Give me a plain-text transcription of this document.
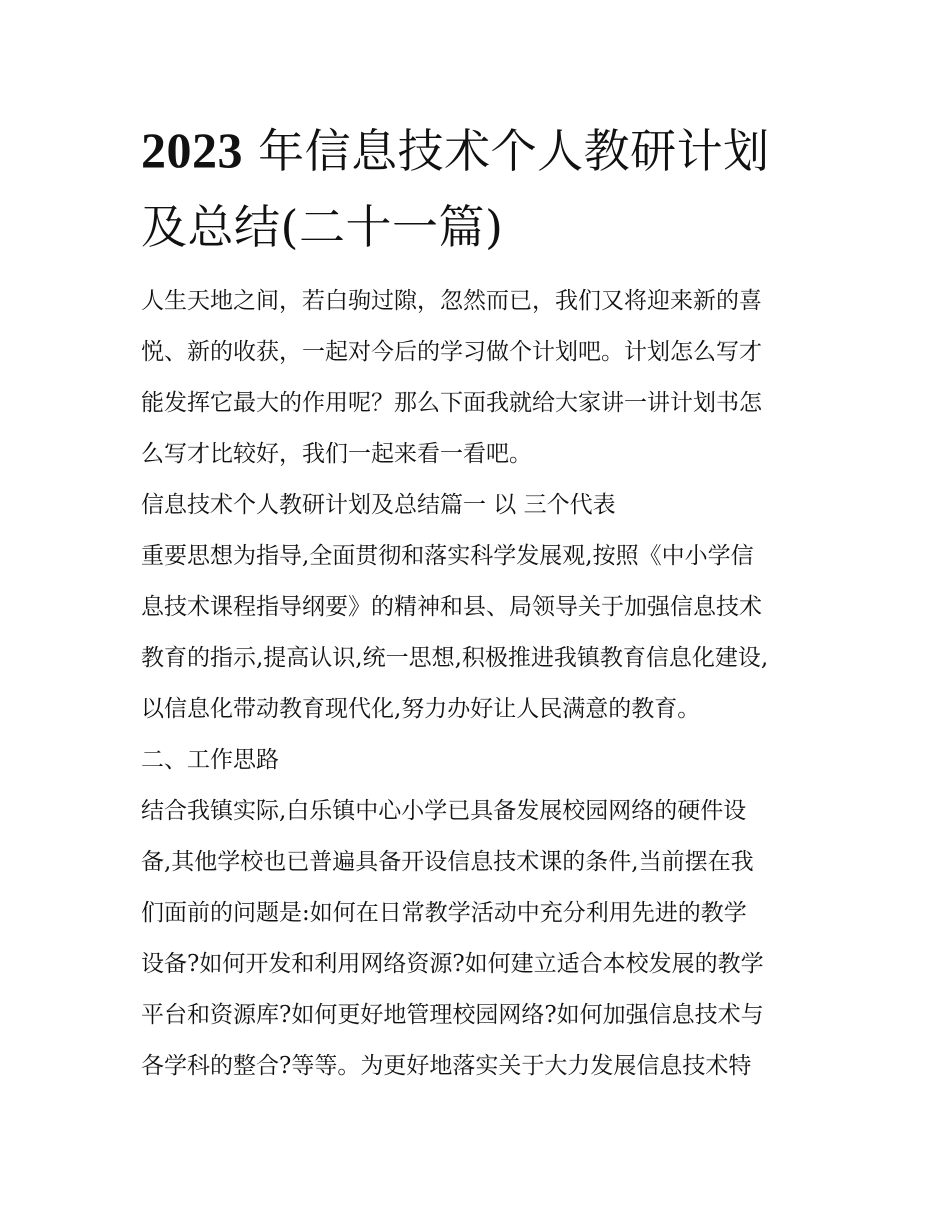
2023 年信息技术个人教研计划
及总结(二十一篇)
人生天地之间，若白驹过隙，忽然而已，我们又将迎来新的喜
悦、新的收获，一起对今后的学习做个计划吧。计划怎么写才
能发挥它最大的作用呢？那么下面我就给大家讲一讲计划书怎
么写才比较好，我们一起来看一看吧。
信息技术个人教研计划及总结篇一 以 三个代表
重要思想为指导,全面贯彻和落实科学发展观,按照《中小学信
息技术课程指导纲要》的精神和县、局领导关于加强信息技术
教育的指示,提高认识,统一思想,积极推进我镇教育信息化建设,
以信息化带动教育现代化,努力办好让人民满意的教育。
二、工作思路
结合我镇实际,白乐镇中心小学已具备发展校园网络的硬件设
备,其他学校也已普遍具备开设信息技术课的条件,当前摆在我
们面前的问题是:如何在日常教学活动中充分利用先进的教学
设备?如何开发和利用网络资源?如何建立适合本校发展的教学
平台和资源库?如何更好地管理校园网络?如何加强信息技术与
各学科的整合?等等。为更好地落实关于大力发展信息技术特
